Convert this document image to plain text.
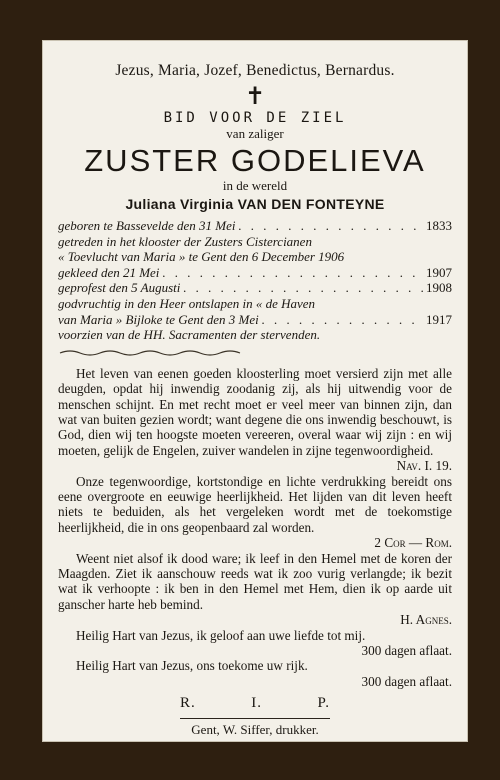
Jezus, Maria, Jozef, Benedictus, Bernardus.
✝
BID VOOR DE ZIEL
van zaliger
ZUSTER GODELIEVA
in de wereld
Juliana Virginia VAN DEN FONTEYNE
geboren te Bassevelde den 31 Mei . . .	1833
getreden in het klooster der Zusters Cistercianen
« Toevlucht van Maria » te Gent den 6 December 1906
gekleed den 21 Mei . . .	1907
geprofest den 5 Augusti . . .	1908
godvruchtig in den Heer ontslapen in « de Haven
van Maria » Bijloke te Gent den 3 Mei . . .	1917
voorzien van de HH. Sacramenten der stervenden.

Het leven van eenen goeden kloosterling moet versierd zijn met alle deugden, opdat hij inwendig zoodanig zij, als hij uitwendig voor de menschen schijnt. En met recht moet er veel meer van binnen zijn, dan wat van buiten gezien wordt; want degene die ons inwendig beschouwt, is God, dien wij ten hoogste moeten vereeren, overal waar wij zijn : en wij moeten, gelijk de Engelen, zuiver wandelen in zijne tegenwoordigheid.

Nav. I. 19.

Onze tegenwoordige, kortstondige en lichte verdrukking bereidt ons eene overgroote en eeuwige heerlijkheid. Het lijden van dit leven heeft niets te beduiden, als het vergeleken wordt met de toekomstige heerlijkheid, die in ons geopenbaard zal worden.

2 Cor — Rom.

Weent niet alsof ik dood ware; ik leef in den Hemel met de koren der Maagden. Ziet ik aanschouw reeds wat ik zoo vurig verlangde; ik bezit wat ik verhoopte : ik ben in den Hemel met Hem, dien ik op aarde uit ganscher harte heb bemind.

H. Agnes.

Heilig Hart van Jezus, ik geloof aan uwe liefde tot mij.

300 dagen aflaat.

Heilig Hart van Jezus, ons toekome uw rijk.

300 dagen aflaat.
R.	I.	P.
Gent, W. Siffer, drukker.
